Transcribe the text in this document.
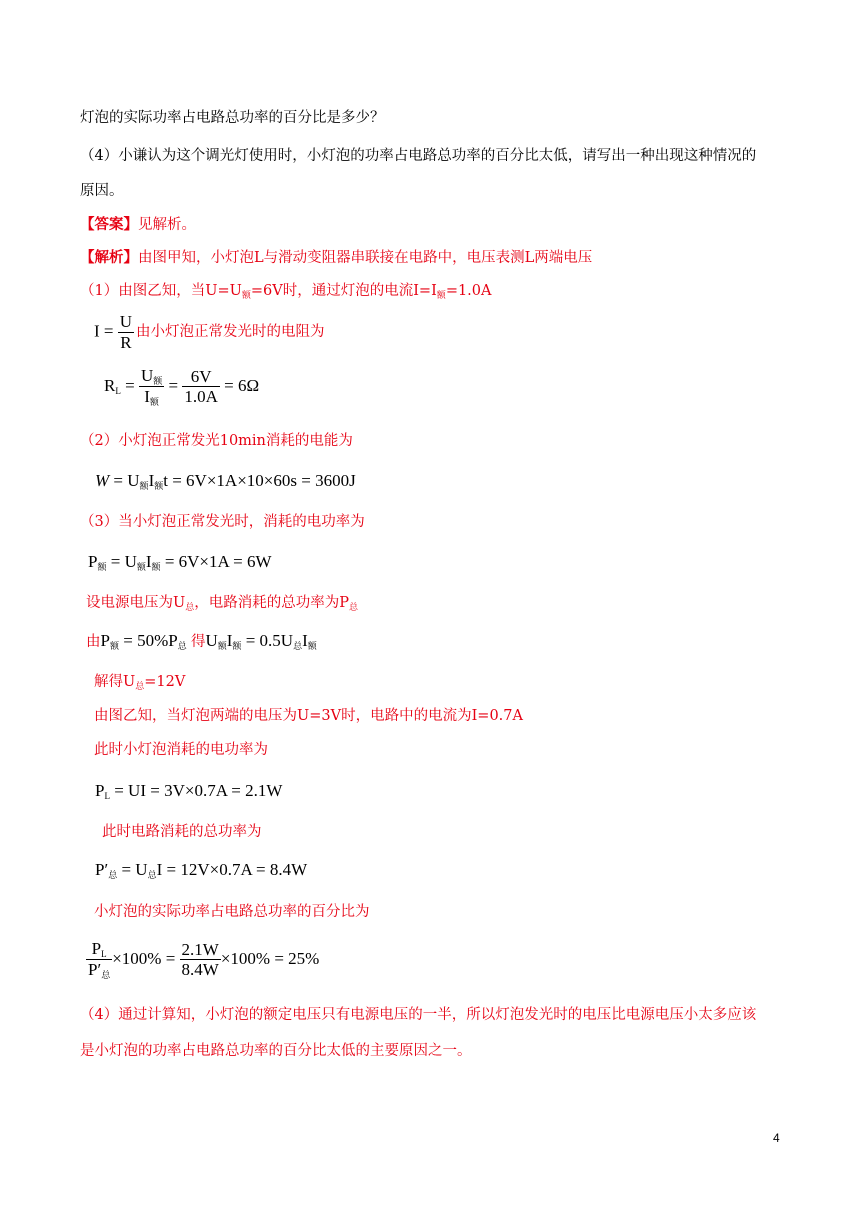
灯泡的实际功率占电路总功率的百分比是多少？
（4）小谦认为这个调光灯使用时，小灯泡的功率占电路总功率的百分比太低，请写出一种出现这种情况的
原因。
【答案】见解析。
【解析】由图甲知，小灯泡L与滑动变阻器串联接在电路中，电压表测L两端电压
（1）由图乙知，当$U=U_额=6V$时，通过灯泡的电流$I=I_额=1.0A$
$I = \frac{U}{R}$ 由小灯泡正常发光时的电阻为
$R_L = \frac{U_额}{I_额} = \frac{6V}{1.0A} = 6\Omega$
（2）小灯泡正常发光10min消耗的电能为
$W = U_额I_额t = 6V\times 1A\times 10\times 60s = 3600J$
（3）当小灯泡正常发光时，消耗的电功率为
$P_额 = U_额I_额 = 6V\times 1A = 6W$
设电源电压为$U_总$，电路消耗的总功率为$P_总$
由$P_额 = 50\%P_总$ 得$U_额I_额 = 0.5U_总I_额$
解得$U_总=12V$
由图乙知，当灯泡两端的电压为U=3V时，电路中的电流为I=0.7A
此时小灯泡消耗的电功率为
$P_L$ = UI = 3V×0.7A = 2.1W
此时电路消耗的总功率为
$P'_总 = U_总I = 12V\times 0.7A = 8.4W$
小灯泡的实际功率占电路总功率的百分比为
$\frac{P_L}{P'_总} \times 100\% = \frac{2.1W}{8.4W} \times 100\% = 25\%$
（4）通过计算知，小灯泡的额定电压只有电源电压的一半，所以灯泡发光时的电压比电源电压小太多应该
是小灯泡的功率占电路总功率的百分比太低的主要原因之一。
4
